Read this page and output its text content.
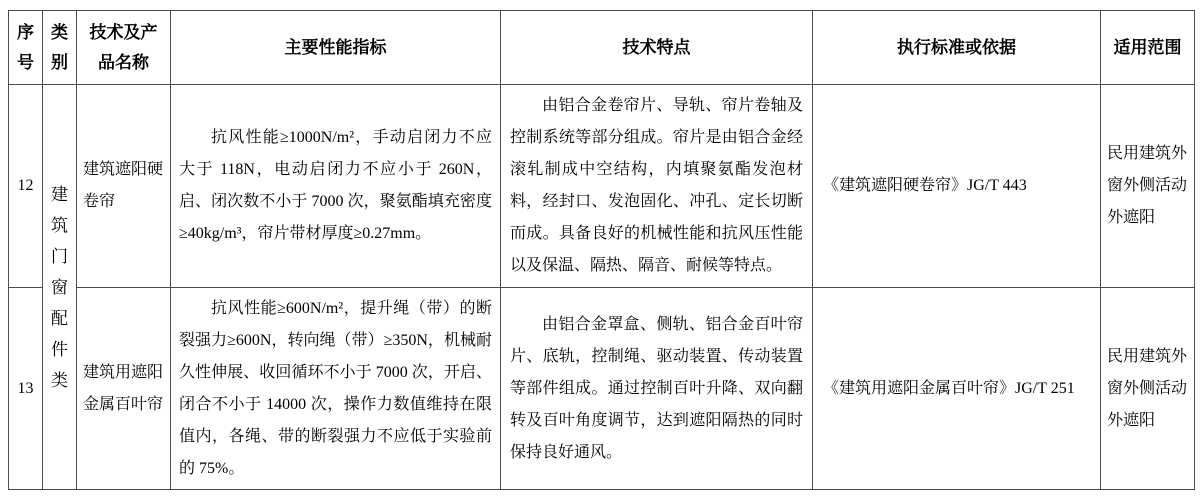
序号	类别	技术及产品名称	主要性能指标	技术特点	执行标准或依据	适用范围
12	建筑门窗配件类	建筑遮阳硬卷帘	抗风性能≥1000N/m²，手动启闭力不应大于 118N，电动启闭力不应小于 260N，启、闭次数不小于 7000 次，聚氨酯填充密度≥40kg/m³，帘片带材厚度≥0.27mm。	由铝合金卷帘片、导轨、帘片卷轴及控制系统等部分组成。帘片是由铝合金经滚轧制成中空结构，内填聚氨酯发泡材料，经封口、发泡固化、冲孔、定长切断而成。具备良好的机械性能和抗风压性能以及保温、隔热、隔音、耐候等特点。	《建筑遮阳硬卷帘》JG/T 443	民用建筑外窗外侧活动外遮阳
13		建筑用遮阳金属百叶帘	抗风性能≥600N/m²，提升绳（带）的断裂强力≥600N，转向绳（带）≥350N，机械耐久性伸展、收回循环不小于 7000 次，开启、闭合不小于 14000 次，操作力数值维持在限值内，各绳、带的断裂强力不应低于实验前的 75%。	由铝合金罩盒、侧轨、铝合金百叶帘片、底轨，控制绳、驱动装置、传动装置等部件组成。通过控制百叶升降、双向翻转及百叶角度调节，达到遮阳隔热的同时保持良好通风。	《建筑用遮阳金属百叶帘》JG/T 251	民用建筑外窗外侧活动外遮阳
